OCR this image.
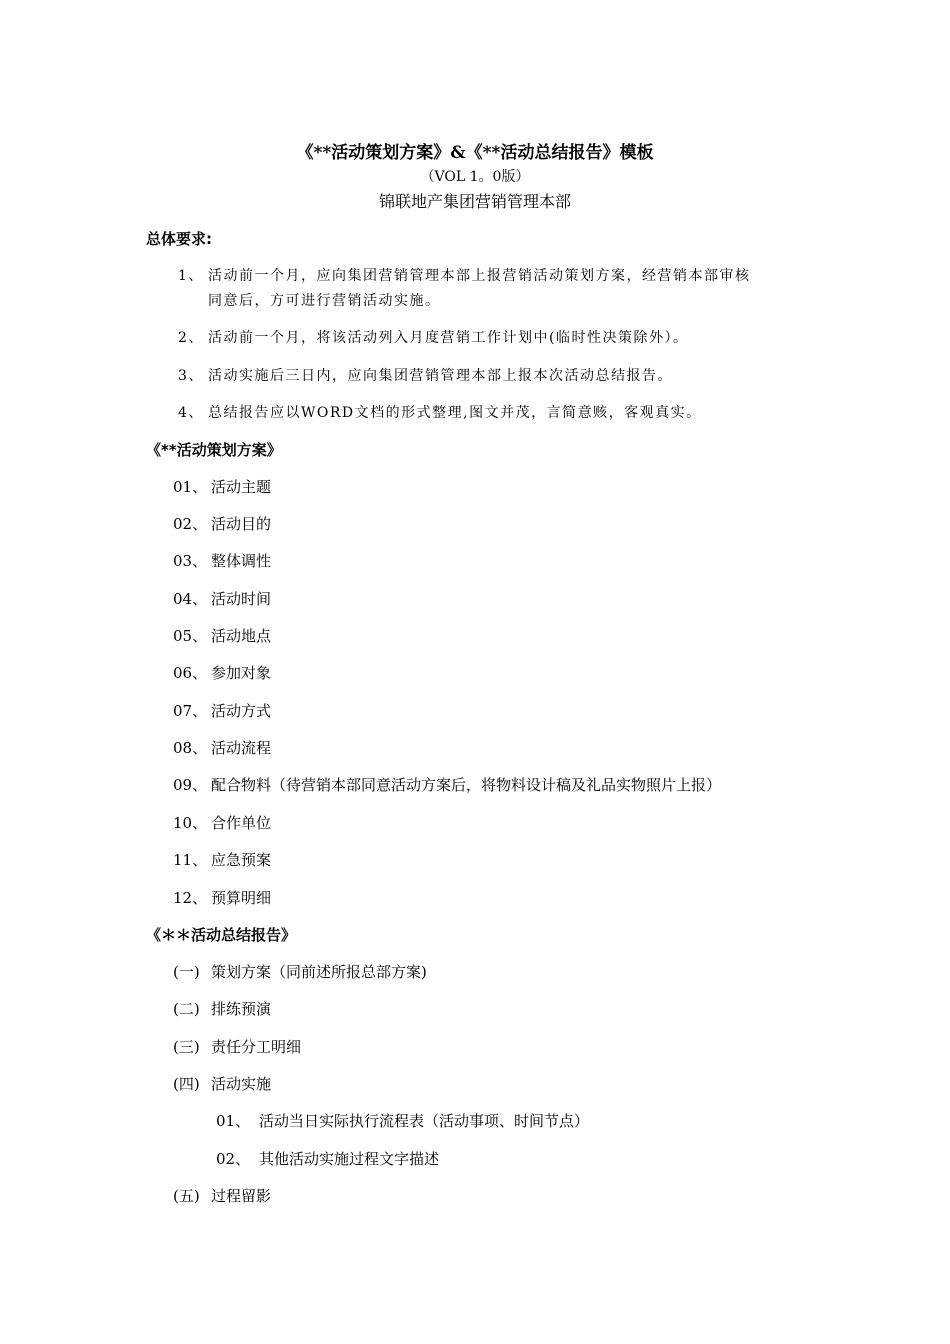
《**活动策划方案》&《**活动总结报告》模板
（VOL 1。0版）
锦联地产集团营销管理本部
总体要求:
1、 活动前一个月，应向集团营销管理本部上报营销活动策划方案，经营销本部审核
同意后，方可进行营销活动实施。
2、 活动前一个月，将该活动列入月度营销工作计划中(临时性决策除外）。
3、 活动实施后三日内，应向集团营销管理本部上报本次活动总结报告。
4、 总结报告应以WORD文档的形式整理,图文并茂，言简意赅，客观真实。
《**活动策划方案》
01、 活动主题
02、 活动目的
03、 整体调性
04、 活动时间
05、 活动地点
06、 参加对象
07、 活动方式
08、 活动流程
09、 配合物料（待营销本部同意活动方案后，将物料设计稿及礼品实物照片上报）
10、 合作单位
11、 应急预案
12、 预算明细
《＊＊活动总结报告》
(一) 策划方案（同前述所报总部方案)
(二) 排练预演
(三) 责任分工明细
(四) 活动实施
01、 活动当日实际执行流程表（活动事项、时间节点）
02、 其他活动实施过程文字描述
(五) 过程留影
